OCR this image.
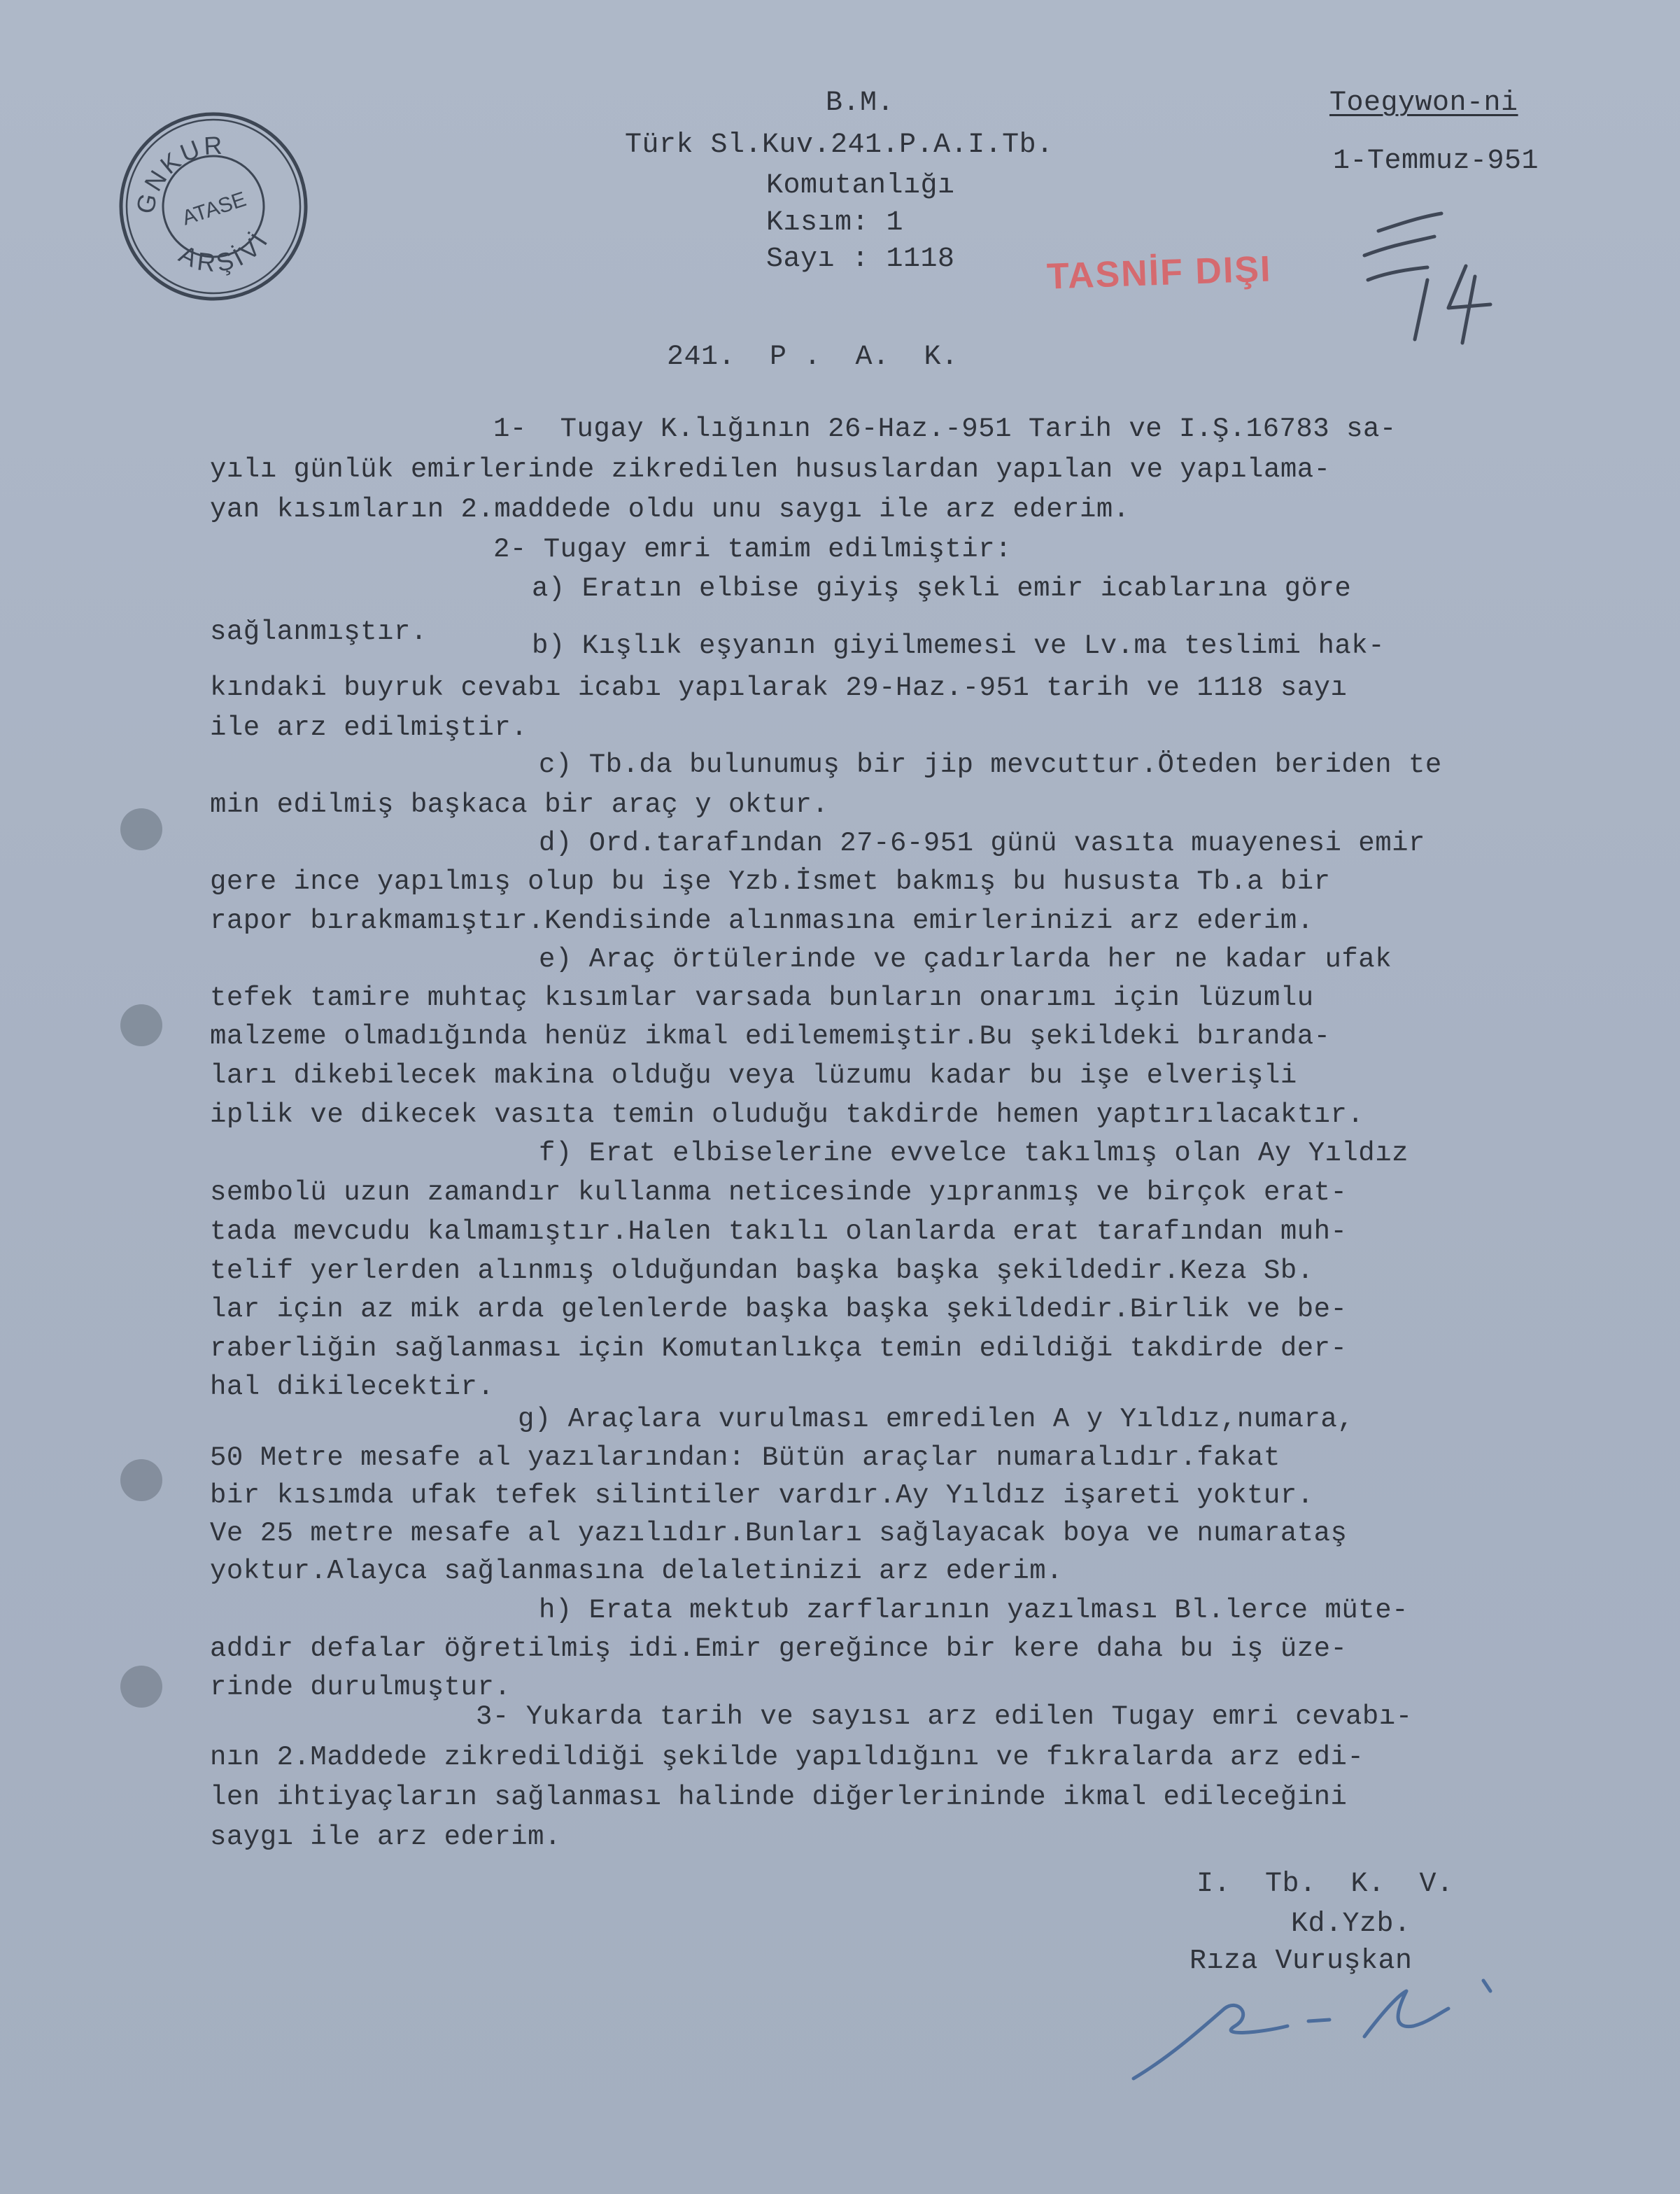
GNKUR
ARŞİVİ
ATASE
B.M.
Türk Sl.Kuv.241.P.A.I.Tb.
Komutanlığı
Kısım: 1
Sayı : 1118
Toegywon-ni
1-Temmuz-951
TASNİF DIŞI
14
241.  P .  A.  K.
1-  Tugay K.lığının 26-Haz.-951 Tarih ve I.Ş.16783 sa-
yılı günlük emirlerinde zikredilen hususlardan yapılan ve yapılama-
yan kısımların 2.maddede oldu unu saygı ile arz ederim.
2- Tugay emri tamim edilmiştir:
a) Eratın elbise giyiş şekli emir icablarına göre
sağlanmıştır.	b) Kışlık eşyanın giyilmemesi ve Lv.ma teslimi hak-
kındaki buyruk cevabı icabı yapılarak 29-Haz.-951 tarih ve 1118 sayı
ile arz edilmiştir.
c) Tb.da bulunumuş bir jip mevcuttur.Öteden beriden te
min edilmiş başkaca bir araç y oktur.
d) Ord.tarafından 27-6-951 günü vasıta muayenesi emir
gere ince yapılmış olup bu işe Yzb.İsmet bakmış bu hususta Tb.a bir
rapor bırakmamıştır.Kendisinde alınmasına emirlerinizi arz ederim.
e) Araç örtülerinde ve çadırlarda her ne kadar ufak
tefek tamire muhtaç kısımlar varsada bunların onarımı için lüzumlu
malzeme olmadığında henüz ikmal edilememiştir.Bu şekildeki bıranda-
ları dikebilecek makina olduğu veya lüzumu kadar bu işe elverişli
iplik ve dikecek vasıta temin oluduğu takdirde hemen yaptırılacaktır.
f) Erat elbiselerine evvelce takılmış olan Ay Yıldız
sembolü uzun zamandır kullanma neticesinde yıpranmış ve birçok erat-
tada mevcudu kalmamıştır.Halen takılı olanlarda erat tarafından muh-
telif yerlerden alınmış olduğundan başka başka şekildedir.Keza Sb.
lar için az mik arda gelenlerde başka başka şekildedir.Birlik ve be-
raberliğin sağlanması için Komutanlıkça temin edildiği takdirde der-
hal dikilecektir.
g) Araçlara vurulması emredilen A y Yıldız,numara,
50 Metre mesafe al yazılarından: Bütün araçlar numaralıdır.fakat
bir kısımda ufak tefek silintiler vardır.Ay Yıldız işareti yoktur.
Ve 25 metre mesafe al yazılıdır.Bunları sağlayacak boya ve numarataş
yoktur.Alayca sağlanmasına delaletinizi arz ederim.
h) Erata mektub zarflarının yazılması Bl.lerce müte-
addir defalar öğretilmiş idi.Emir gereğince bir kere daha bu iş üze-
rinde durulmuştur.
3- Yukarda tarih ve sayısı arz edilen Tugay emri cevabı-
nın 2.Maddede zikredildiği şekilde yapıldığını ve fıkralarda arz edi-
len ihtiyaçların sağlanması halinde diğerlerininde ikmal edileceğini
saygı ile arz ederim.
I.  Tb.  K.  V.
Kd.Yzb.
Rıza Vuruşkan
